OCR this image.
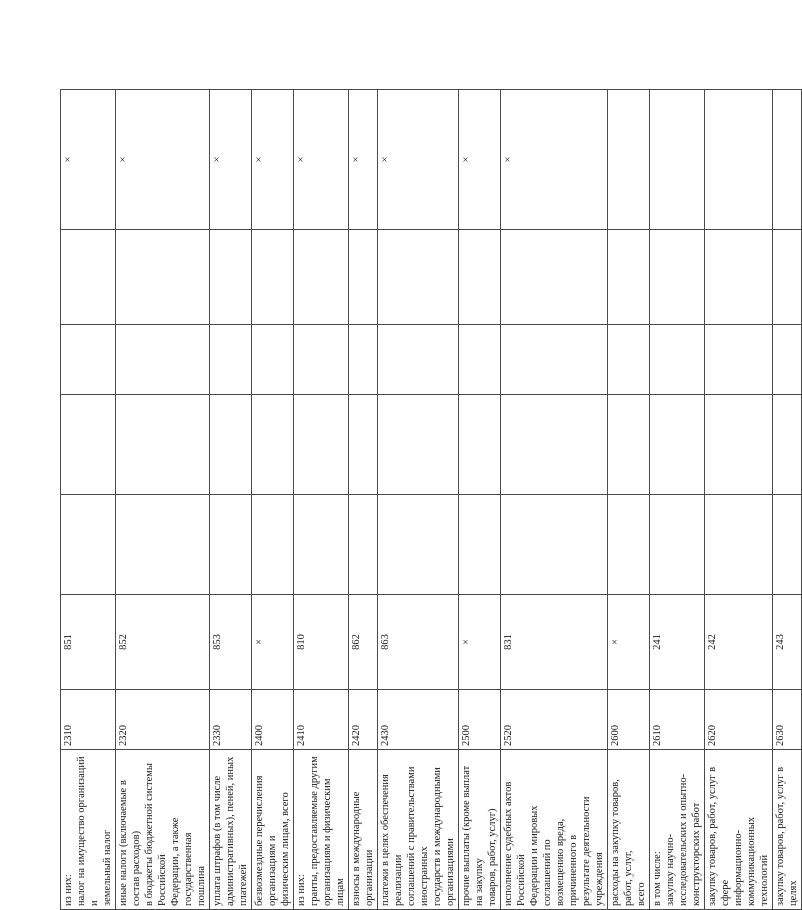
из них: налог на имущество организаций и земельный налог	2310	851					×

иные налоги (включаемые в состав расходов) в бюджеты бюджетной системы Российской Федерации, а также государственная пошлина	2320	852					×

уплата штрафов (в том числе административных), пеней, иных платежей	2330	853					×

безвозмездные перечисления организациям и физическим лицам, всего	2400	×					×

из них: гранты, предоставляемые другим организациям и физическим лицам	2410	810					×

взносы в международные организации	2420	862					×

платежи в целях обеспечения реализации соглашений с правительствами иностранных государств и международными организациями	2430	863					×

прочие выплаты (кроме выплат на закупку товаров, работ, услуг)	2500	×					×

исполнение судебных актов Российской Федерации и мировых соглашений по возмещению вреда, причиненного в результате деятельности учреждения	2520	831					×

расходы на закупку товаров, работ, услуг, всего	2600	×					

в том числе: закупку научно-исследовательских и опытно- конструкторских работ	2610	241					

закупку товаров, работ, услуг в сфере информационно-коммуникационных технологий	2620	242					

закупку товаров, работ, услуг в целях	2630	243					
